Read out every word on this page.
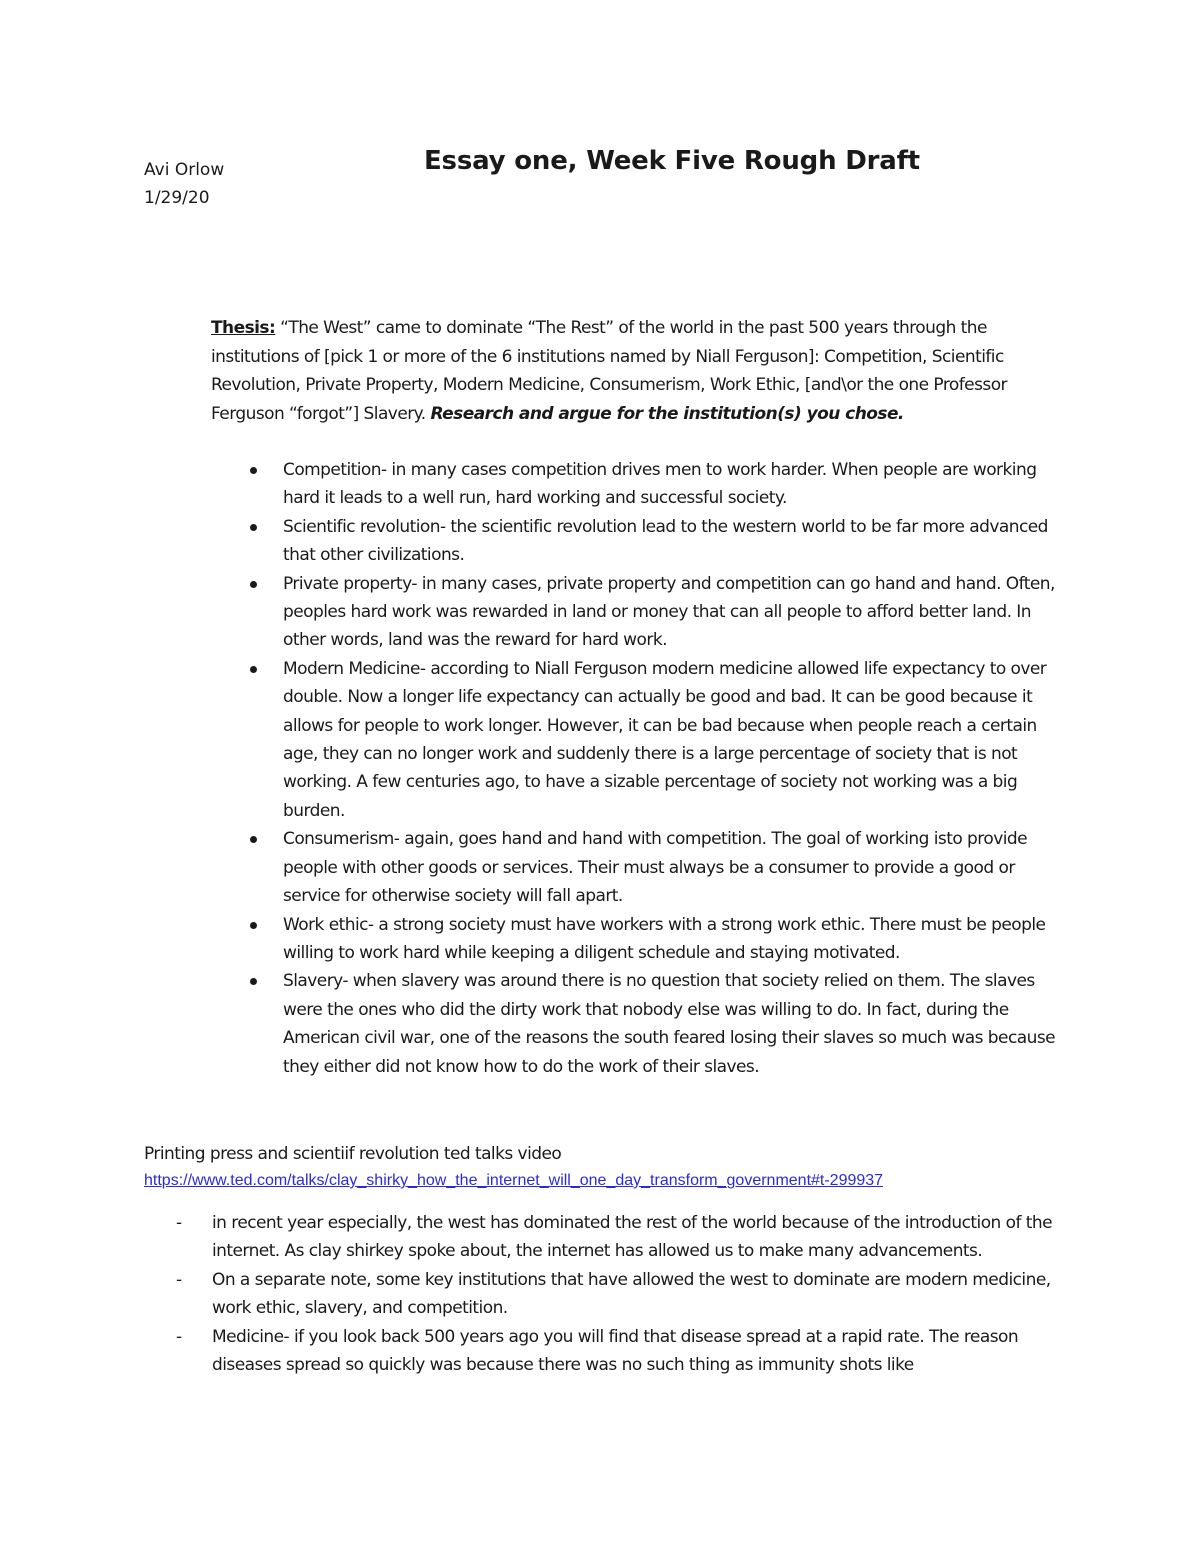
Avi Orlow
1/29/20
Essay one, Week Five Rough Draft
Thesis: “The West” came to dominate “The Rest” of the world in the past 500 years through the institutions of [pick 1 or more of the 6 institutions named by Niall Ferguson]: Competition, Scientific Revolution, Private Property, Modern Medicine, Consumerism, Work Ethic, [and\or the one Professor Ferguson “forgot”] Slavery. Research and argue for the institution(s) you chose.
Competition- in many cases competition drives men to work harder. When people are working hard it leads to a well run, hard working and successful society.
Scientific revolution- the scientific revolution lead to the western world to be far more advanced that other civilizations.
Private property- in many cases, private property and competition can go hand and hand. Often, peoples hard work was rewarded in land or money that can all people to afford better land. In other words, land was the reward for hard work.
Modern Medicine- according to Niall Ferguson modern medicine allowed life expectancy to over double. Now a longer life expectancy can actually be good and bad. It can be good because it allows for people to work longer. However, it can be bad because when people reach a certain age, they can no longer work and suddenly there is a large percentage of society that is not working. A few centuries ago, to have a sizable percentage of society not working was a big burden.
Consumerism- again, goes hand and hand with competition. The goal of working isto provide people with other goods or services. Their must always be a consumer to provide a good or service for otherwise society will fall apart.
Work ethic- a strong society must have workers with a strong work ethic. There must be people willing to work hard while keeping a diligent schedule and staying motivated.
Slavery- when slavery was around there is no question that society relied on them. The slaves were the ones who did the dirty work that nobody else was willing to do. In fact, during the American civil war, one of the reasons the south feared losing their slaves so much was because they either did not know how to do the work of their slaves.
Printing press and scientiif revolution ted talks video
https://www.ted.com/talks/clay_shirky_how_the_internet_will_one_day_transform_government#t-299937
- in recent year especially, the west has dominated the rest of the world because of the introduction of the internet. As clay shirkey spoke about, the internet has allowed us to make many advancements.
- On a separate note, some key institutions that have allowed the west to dominate are modern medicine, work ethic, slavery, and competition.
- Medicine- if you look back 500 years ago you will find that disease spread at a rapid rate. The reason diseases spread so quickly was because there was no such thing as immunity shots like
